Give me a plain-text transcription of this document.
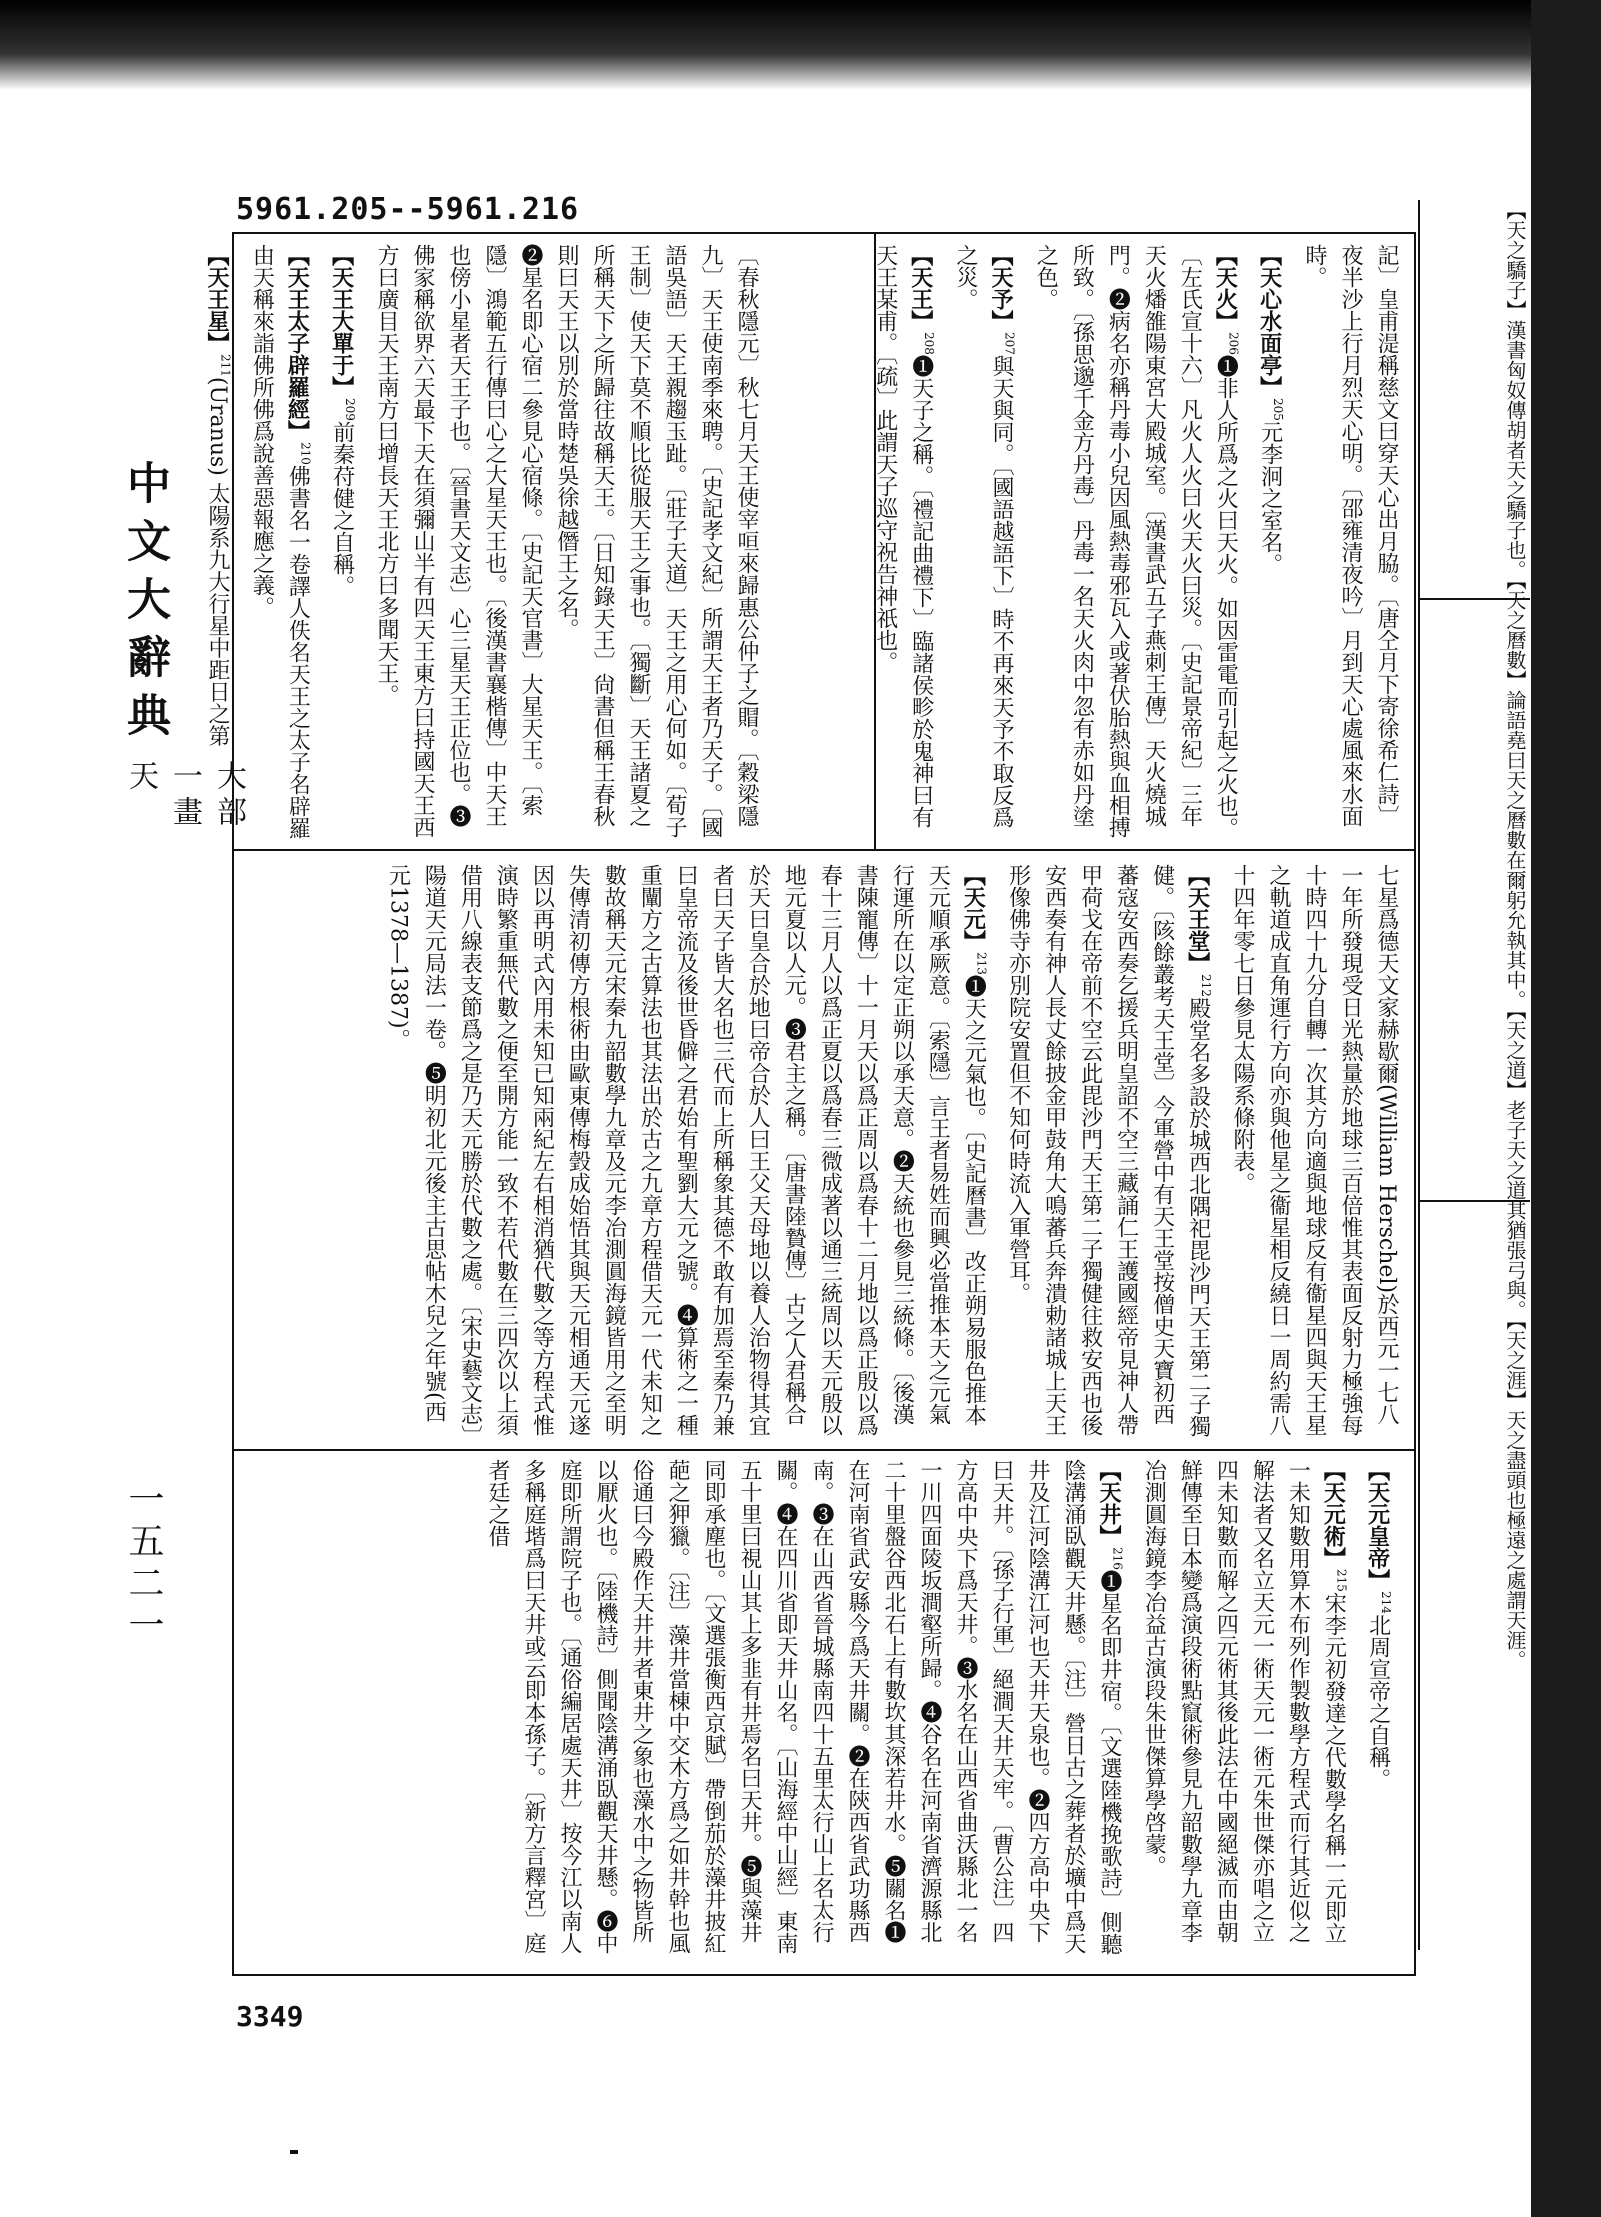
5961.205--5961.216
中文大辭典
大部
一畫
天
一五二一
記〕皇甫湜稱慈文曰穿天心出月脇。〔唐仝月下寄徐希仁詩〕夜半沙上行月烈天心明。〔邵雍清夜吟〕月到天心處風來水面時。
【天心水面亭】$^{205}$元李泂之室名。
【天火】$^{206}$❶非人所爲之火曰天火。如因雷電而引起之火也。〔左氏宣十六〕凡火人火曰火天火曰災。〔史記景帝紀〕三年天火燔雒陽東宮大殿城室。〔漢書武五子燕刺王傳〕天火燒城門。❷病名亦稱丹毒小兒因風熱毒邪瓦入或著伏胎熱與血相搏所致。〔孫思邈千金方丹毒〕丹毒一名天火肉中忽有赤如丹塗之色。
【天予】$^{207}$與天與同。〔國語越語下〕時不再來天予不取反爲之災。
【天王】$^{208}$❶天子之稱。〔禮記曲禮下〕臨諸侯畛於鬼神曰有天王某甫。〔疏〕此謂天子巡守祝告神祇也。
〔春秋隱元〕秋七月天王使宰咺來歸惠公仲子之賵。〔穀梁隱九〕天王使南季來聘。〔史記孝文紀〕所謂天王者乃天子。〔國語吳語〕天王親趨玉趾。〔莊子天道〕天王之用心何如。〔荀子王制〕使天下莫不順比從服天王之事也。〔獨斷〕天王諸夏之所稱天下之所歸往故稱天王。〔日知錄天王〕尙書但稱王春秋則曰天王以別於當時楚吳徐越僭王之名。
❷星名即心宿二參見心宿條。〔史記天官書〕大星天王。〔索隱〕鴻範五行傳曰心之大星天王也。〔後漢書襄楷傳〕中天王也傍小星者天王子也。〔晉書天文志〕心三星天王正位也。❸佛家稱欲界六天最下天在須彌山半有四天王東方曰持國天王西方曰廣目天王南方曰增長天王北方曰多聞天王。
【天王大單于】$^{209}$前秦苻健之自稱。
【天王太子辟羅經】$^{210}$佛書名一卷譯人佚名天王之太子名辟羅由天稱來詣佛所佛爲說善惡報應之義。
【天王星】$^{211}$(Uranus) 太陽系九大行星中距日之第
七星爲德天文家赫歇爾(William Herschel)於西元一七八一年所發現受日光熱量於地球三百倍惟其表面反射力極強每十時四十九分自轉一次其方向適與地球反有衞星四與天王星之軌道成直角運行方向亦與他星之衞星相反繞日一周約需八十四年零七日參見太陽系條附表。
【天王堂】$^{212}$殿堂名多設於城西北隅祀毘沙門天王第二子獨健。〔陔餘叢考天王堂〕今軍營中有天王堂按僧史天寶初西蕃寇安西奏乞援兵明皇詔不空三藏誦仁王護國經帝見神人帶甲荷戈在帝前不空云此毘沙門天王第二子獨健往救安西也後安西奏有神人長丈餘披金甲鼓角大鳴蕃兵奔潰勅諸城上天王形像佛寺亦別院安置但不知何時流入軍營耳。
【天元】$^{213}$❶天之元氣也。〔史記曆書〕改正朔易服色推本天元順承厥意。〔索隱〕言王者易姓而興必當推本天之元氣行運所在以定正朔以承天意。❷天統也參見三統條。〔後漢書陳寵傳〕十一月天以爲正周以爲春十二月地以爲正殷以爲春十三月人以爲正夏以爲春三微成著以通三統周以天元殷以地元夏以人元。❸君主之稱。〔唐書陸贄傳〕古之人君稱合於天曰皇合於地曰帝合於人曰王父天母地以養人治物得其宜者曰天子皆大名也三代而上所稱象其德不敢有加焉至秦乃兼曰皇帝流及後世昏僻之君始有聖劉大元之號。❹算術之一種重闡方之古算法也其法出於古之九章方程借天元一代未知之數故稱天元宋秦九韶數學九章及元李冶測圓海鏡皆用之至明失傳清初傳方根術由歐東傳梅瑴成始悟其與天元相通天元遂因以再明式內用未知已知兩紀左右相消猶代數之等方程式惟演時繁重無代數之便至開方能一致不若代數在三四次以上須借用八線表支節爲之是乃天元勝於代數之處。〔宋史藝文志〕陽道天元局法一卷。❺明初北元後主古思帖木兒之年號(西元1378—1387)。
【天元皇帝】$^{214}$北周宣帝之自稱。
【天元術】$^{215}$宋李元初發達之代數學名稱一元即立一未知數用算木布列作製數學方程式而行其近似之解法者又名立天元一術天元一術元朱世傑亦唱之立四未知數而解之四元術其後此法在中國絕滅而由朝鮮傳至日本變爲演段術點竄術參見九韶數學九章李冶測圓海鏡李冶益古演段朱世傑算學啓蒙。
【天井】$^{216}$❶星名即井宿。〔文選陸機挽歌詩〕側聽陰溝涌臥觀天井懸。〔注〕營日古之葬者於壙中爲天井及江河陰溝江河也天井天泉也。❷四方高中央下曰天井。〔孫子行軍〕絕澗天井天牢。〔曹公注〕四方高中央下爲天井。❸水名在山西省曲沃縣北一名一川四面陵坂澗壑所歸。❹谷名在河南省濟源縣北二十里盤谷西北石上有數坎其深若井水。❺關名❶在河南省武安縣今爲天井關。❷在陝西省武功縣西南。❸在山西省晉城縣南四十五里太行山上名太行關。❹在四川省即天井山名。〔山海經中山經〕東南五十里曰視山其上多韭有井焉名曰天井。❺與藻井同即承塵也。〔文選張衡西京賦〕帶倒茄於藻井披紅葩之狎獵。〔注〕藻井當棟中交木方爲之如井幹也風俗通曰今殿作天井井者東井之象也藻水中之物皆所以厭火也。〔陸機詩〕側聞陰溝涌臥觀天井懸。❻中庭即所謂院子也。〔通俗編居處天井〕按今江以南人多稱庭堦爲曰天井或云即本孫子。〔新方言釋宮〕庭者廷之借	【天之驕子】漢書匈奴傳胡者天之驕子也。【天之曆數】論語堯曰天之曆數在爾躬允執其中。【天之道】老子天之道其猶張弓與。【天之涯】天之盡頭也極遠之處謂天涯。
3349
